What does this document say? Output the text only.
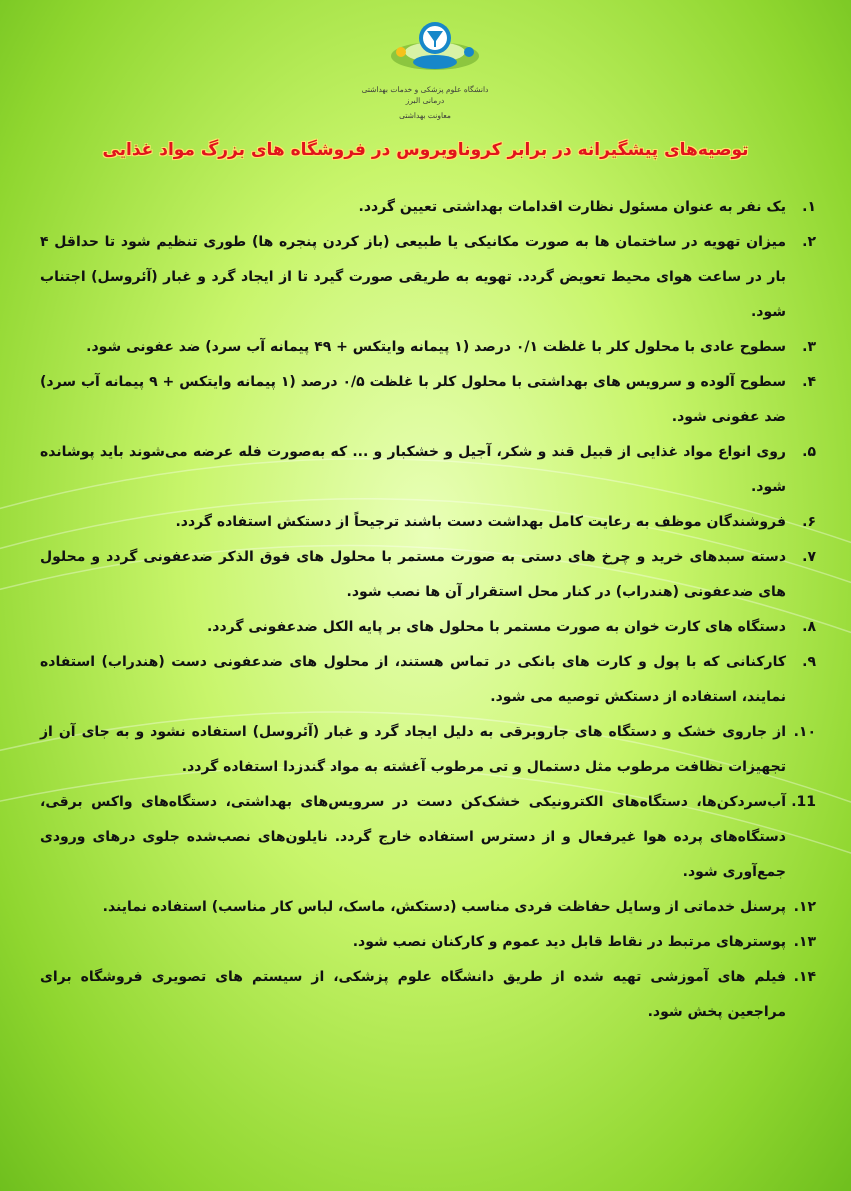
دانشگاه علوم پزشکی و خدمات بهداشتی درمانی البرز
معاونت بهداشتی
توصیه‌های پیشگیرانه در برابر کروناویروس در فروشگاه های بزرگ مواد غذایی
۱.
یک نفر به عنوان مسئول نظارت اقدامات بهداشتی تعیین گردد.
۲.
میزان تهویه در ساختمان ها به صورت مکانیکی یا طبیعی (باز کردن پنجره ها) طوری تنظیم شود تا حداقل ۴ بار در ساعت هوای محیط تعویض گردد. تهویه به طریقی صورت گیرد تا از ایجاد گرد و غبار (آئروسل) اجتناب شود.
۳.
سطوح عادی با محلول کلر با غلظت ۰/۱ درصد (۱ پیمانه وایتکس + ۴۹ پیمانه آب سرد) ضد عفونی شود.
۴.
سطوح آلوده و سرویس های بهداشتی با محلول کلر با غلظت ۰/۵ درصد (۱ پیمانه وایتکس + ۹ پیمانه آب سرد) ضد عفونی شود.
۵.
روی انواع مواد غذایی از قبیل قند و شکر، آجیل و خشکبار و ... که به‌صورت فله عرضه می‌شوند باید پوشانده شود.
۶.
فروشندگان موظف به رعایت کامل بهداشت دست باشند ترجیحاً از دستکش استفاده گردد.
۷.
دسته سبدهای خرید و چرخ های دستی به صورت مستمر با محلول های فوق الذکر ضدعفونی گردد و محلول های ضدعفونی (هندراب) در کنار محل استقرار آن ها نصب شود.
۸.
دستگاه های کارت خوان به صورت مستمر با محلول های بر پایه الکل ضدعفونی گردد.
۹.
کارکنانی که با پول و کارت های بانکی در تماس هستند، از محلول های ضدعفونی دست (هندراب) استفاده نمایند، استفاده از دستکش توصیه می شود.
۱۰.
از جاروی خشک و دستگاه های جاروبرقی به دلیل ایجاد گرد و غبار (آئروسل) استفاده نشود و به جای آن از تجهیزات نظافت مرطوب مثل دستمال و تی مرطوب آغشته به مواد گندزدا استفاده گردد.
11.
آب‌سردکن‌ها، دستگاه‌های الکترونیکی خشک‌کن دست در سرویس‌های بهداشتی، دستگاه‌های واکس برقی، دستگاه‌های پرده هوا غیرفعال و از دسترس استفاده خارج گردد. نایلون‌های نصب‌شده جلوی درهای ورودی جمع‌آوری شود.
۱۲.
پرسنل خدماتی از وسایل حفاظت فردی مناسب (دستکش، ماسک، لباس کار مناسب) استفاده نمایند.
۱۳.
پوسترهای مرتبط در نقاط قابل دید عموم و کارکنان نصب شود.
۱۴.
فیلم های آموزشی تهیه شده از طریق دانشگاه علوم پزشکی، از سیستم های تصویری فروشگاه برای مراجعین پخش شود.
